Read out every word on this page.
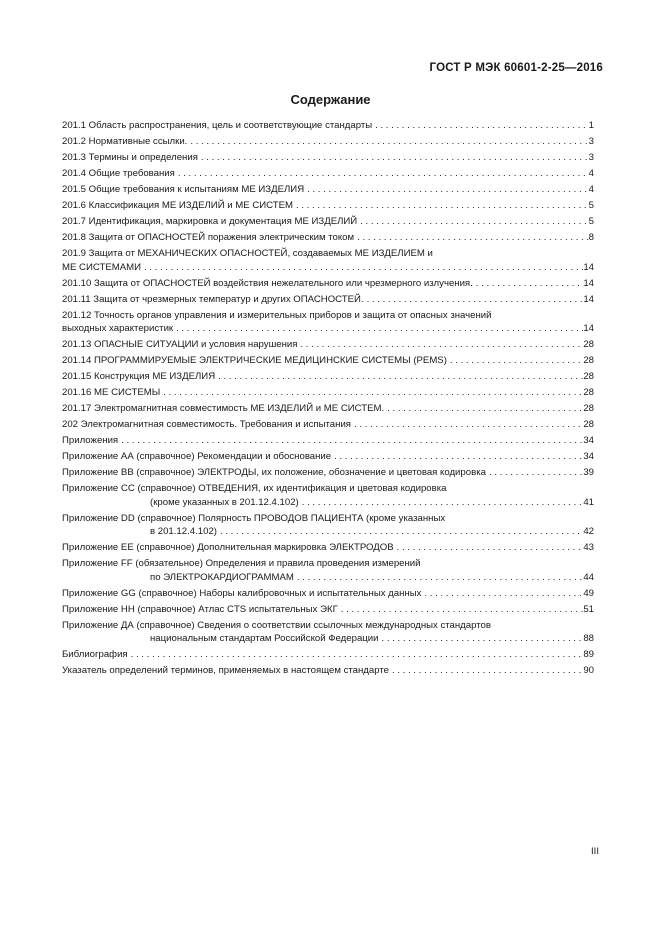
ГОСТ Р МЭК 60601-2-25—2016
Содержание
201.1 Область распространения, цель и соответствующие стандарты . . .	1
201.2 Нормативные ссылки. . . .	3
201.3 Термины и определения . . .	3
201.4 Общие требования . . .	4
201.5 Общие требования к испытаниям МЕ ИЗДЕЛИЯ . . .	4
201.6 Классификация МЕ ИЗДЕЛИЙ и МЕ СИСТЕМ . . .	5
201.7 Идентификация, маркировка и документация МЕ ИЗДЕЛИЙ . . .	5
201.8 Защита от ОПАСНОСТЕЙ поражения электрическим током . . .	8
201.9 Защита от МЕХАНИЧЕСКИХ ОПАСНОСТЕЙ, создаваемых МЕ ИЗДЕЛИЕМ и
МЕ СИСТЕМАМИ . . .	14
201.10 Защита от ОПАСНОСТЕЙ воздействия нежелательного или чрезмерного излучения. . . .	14
201.11 Защита от чрезмерных температур и других ОПАСНОСТЕЙ. . . .	14
201.12 Точность органов управления и измерительных приборов и защита от опасных значений
выходных характеристик . . .	14
201.13 ОПАСНЫЕ СИТУАЦИИ и условия нарушения . . .	28
201.14 ПРОГРАММИРУЕМЫЕ ЭЛЕКТРИЧЕСКИЕ МЕДИЦИНСКИЕ СИСТЕМЫ (PEMS) . . .	28
201.15 Конструкция МЕ ИЗДЕЛИЯ . . .	28
201.16 МЕ СИСТЕМЫ . . .	28
201.17 Электромагнитная совместимость МЕ ИЗДЕЛИЙ и МЕ СИСТЕМ. . . .	28
202 Электромагнитная совместимость. Требования и испытания . . .	28
Приложения . . .	34
Приложение АА (справочное) Рекомендации и обоснование . . .	34
Приложение ВВ (справочное) ЭЛЕКТРОДЫ, их положение, обозначение и цветовая кодировка . . .	39
Приложение СС (справочное) ОТВЕДЕНИЯ, их идентификация и цветовая кодировка
(кроме указанных в 201.12.4.102) . . .	41
Приложение DD (справочное) Полярность ПРОВОДОВ ПАЦИЕНТА (кроме указанных
в 201.12.4.102) . . .	42
Приложение ЕЕ (справочное) Дополнительная маркировка ЭЛЕКТРОДОВ . . .	43
Приложение FF (обязательное) Определения и правила проведения измерений
по ЭЛЕКТРОКАРДИОГРАММАМ . . .	44
Приложение GG (справочное) Наборы калибровочных и испытательных данных . . .	49
Приложение НН (справочное) Атлас CTS испытательных ЭКГ . . .	51
Приложение ДА (справочное) Сведения о соответствии ссылочных международных стандартов
национальным стандартам Российской Федерации . . .	88
Библиография . . .	89
Указатель определений терминов, применяемых в настоящем стандарте . . .	90
III
